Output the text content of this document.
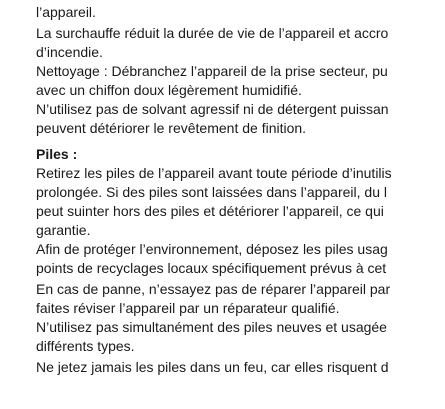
l’appareil.
La surchauffe réduit la durée de vie de l’appareil et accro
d’incendie.
Nettoyage : Débranchez l’appareil de la prise secteur, pu
avec un chiffon doux légèrement humidifié.
N’utilisez pas de solvant agressif ni de détergent puissan
peuvent détériorer le revêtement de finition.
Piles :
Retirez les piles de l’appareil avant toute période d’inutilis
prolongée. Si des piles sont laissées dans l’appareil, du l
peut suinter hors des piles et détériorer l’appareil, ce qui
garantie.
Afin de protéger l’environnement, déposez les piles usag
points de recyclages locaux spécifiquement prévus à cet
En cas de panne, n’essayez pas de réparer l’appareil par
faites réviser l’appareil par un réparateur qualifié.
N’utilisez pas simultanément des piles neuves et usagée
différents types.
Ne jetez jamais les piles dans un feu, car elles risquent d
